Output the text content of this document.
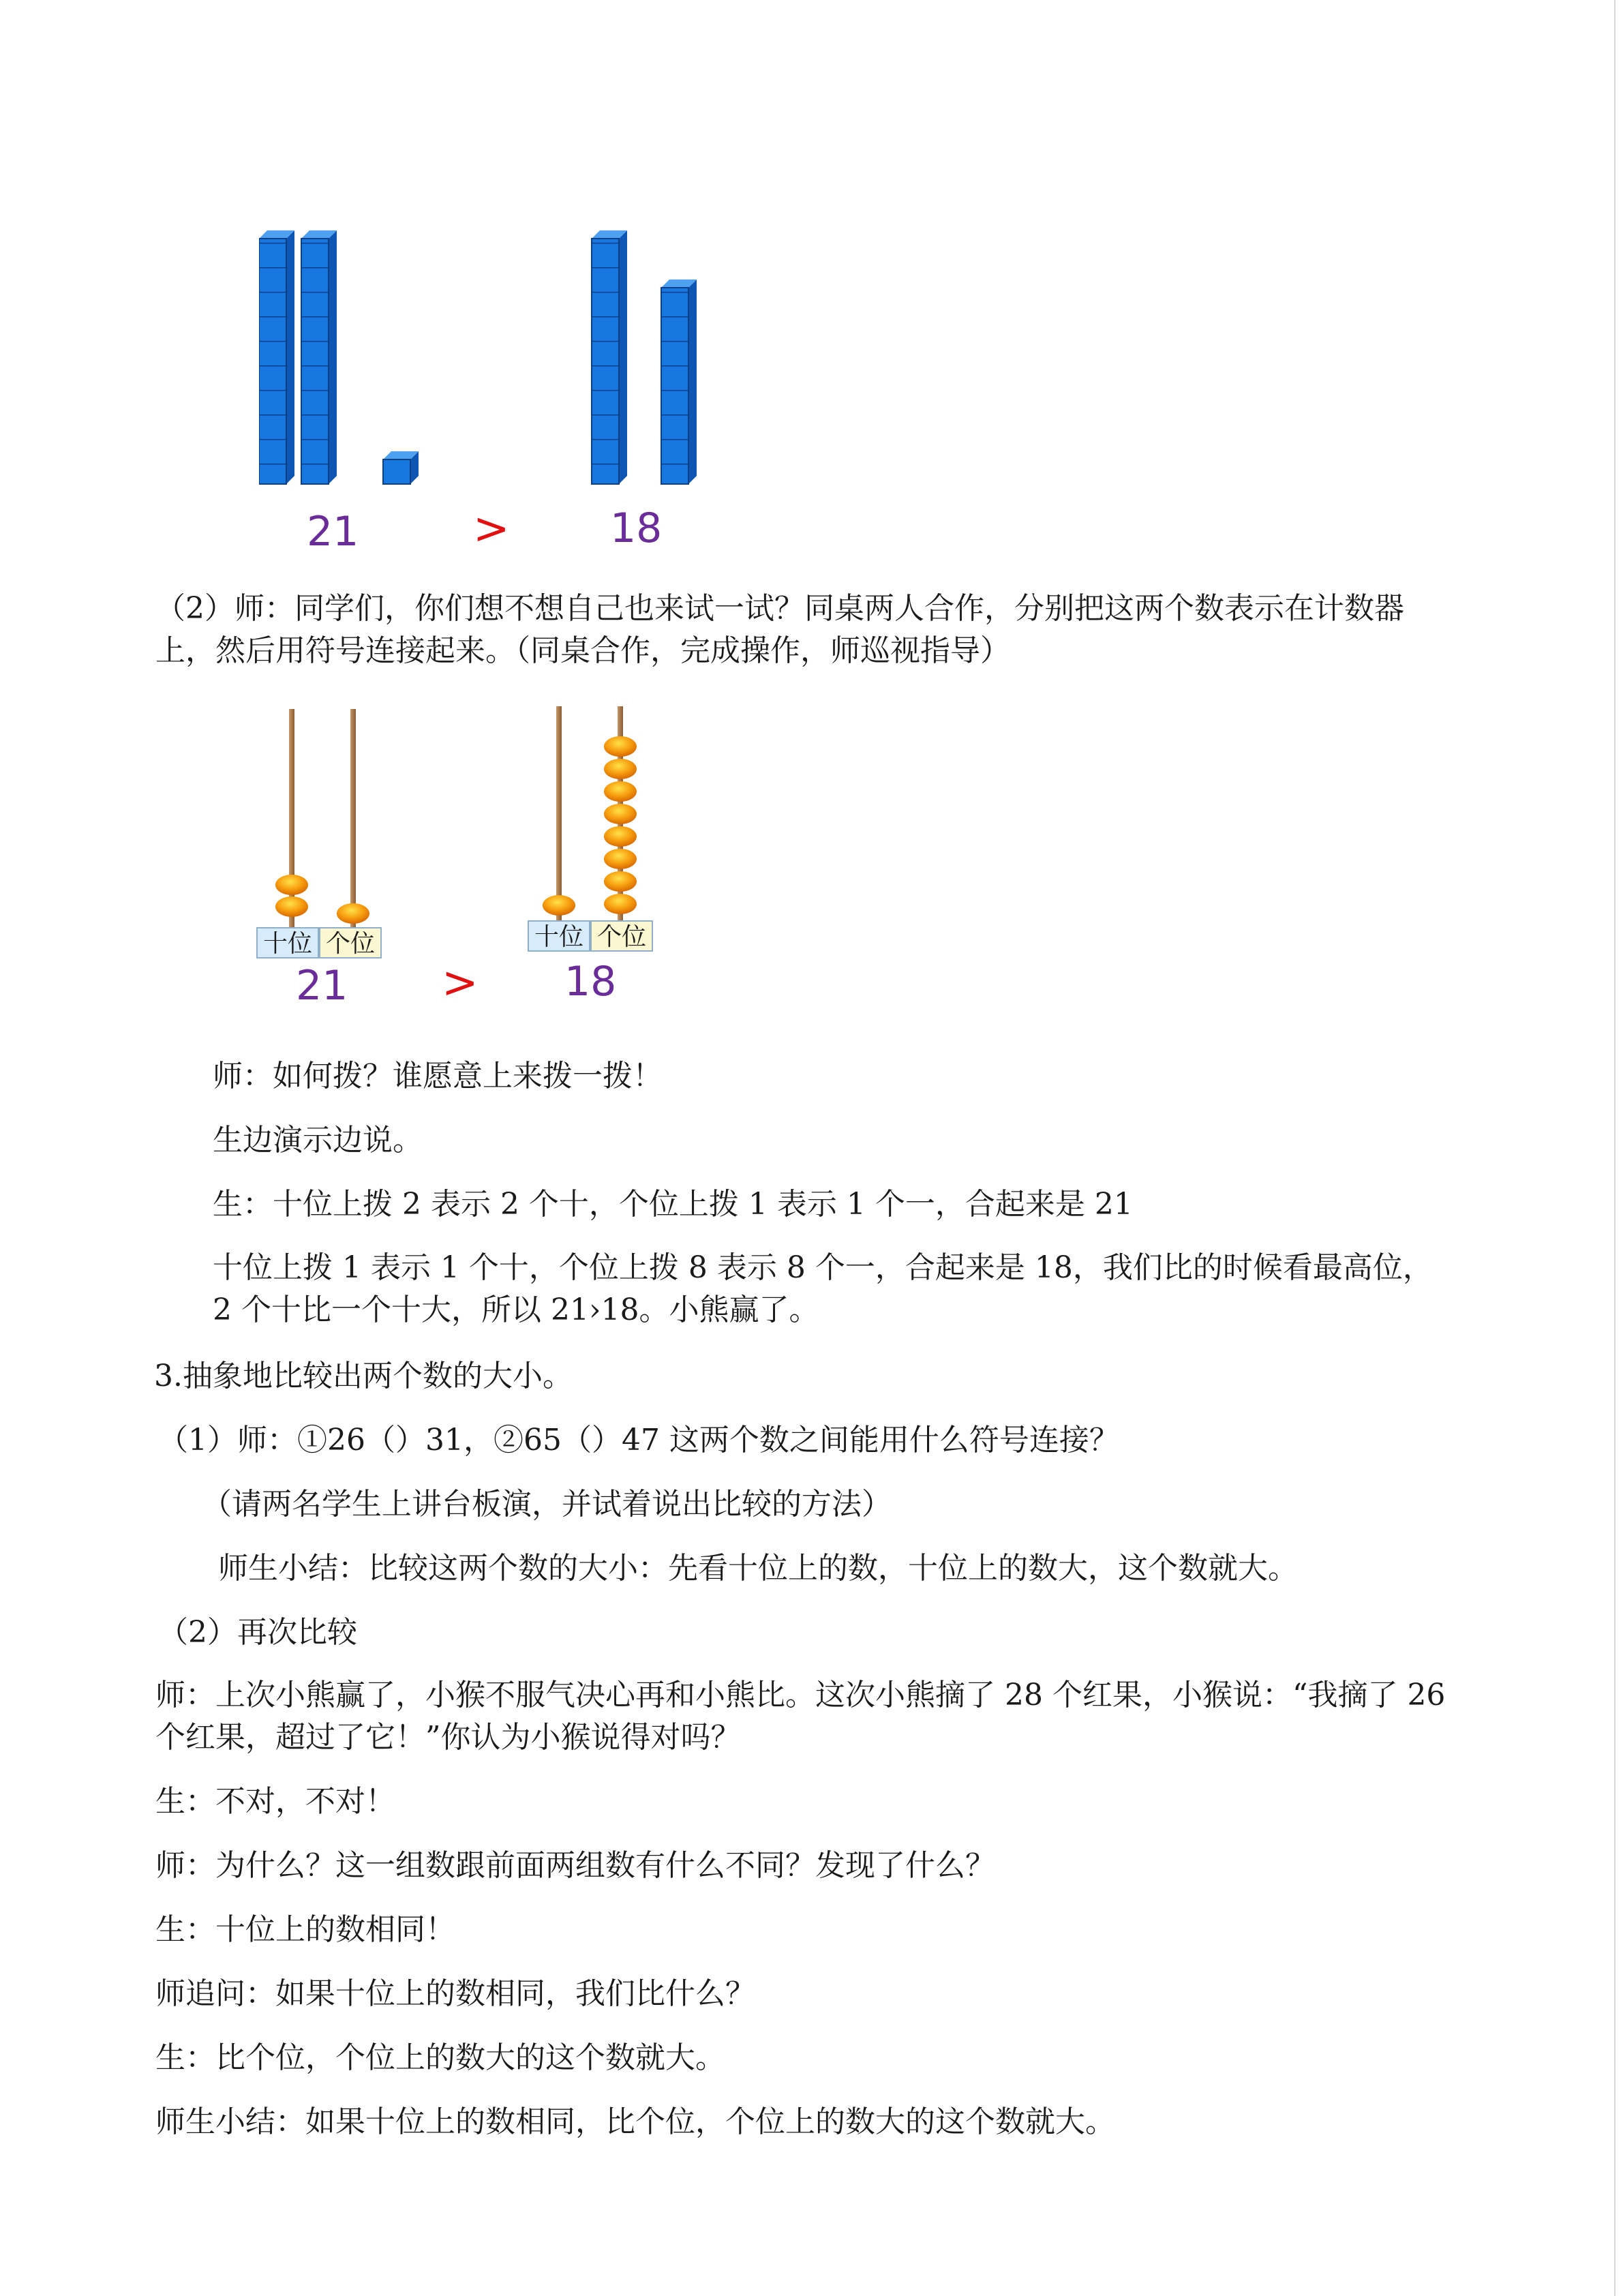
21	> 18

（2）师：同学们，你们想不想自己也来试一试？同桌两人合作，分别把这两个数表示在计数器上，然后用符号连接起来。（同桌合作，完成操作，师巡视指导）

十位 个位
21 >
十位 个位
18

师：如何拨？谁愿意上来拨一拨！

生边演示边说。

生：十位上拨 2 表示 2 个十，个位上拨 1 表示 1 个一，合起来是 21

十位上拨 1 表示 1 个十，个位上拨 8 表示 8 个一，合起来是 18，我们比的时候看最高位，2 个十比一个十大，所以 21›18。小熊赢了。

3.抽象地比较出两个数的大小。

（1）师：①26（）31，②65（）47 这两个数之间能用什么符号连接？

（请两名学生上讲台板演，并试着说出比较的方法）

师生小结：比较这两个数的大小：先看十位上的数，十位上的数大，这个数就大。

（2）再次比较

师：上次小熊赢了，小猴不服气决心再和小熊比。这次小熊摘了 28 个红果，小猴说：“我摘了 26 个红果，超过了它！”你认为小猴说得对吗？

生：不对，不对！

师：为什么？这一组数跟前面两组数有什么不同？发现了什么？

生：十位上的数相同！

师追问：如果十位上的数相同，我们比什么？

生：比个位，个位上的数大的这个数就大。

师生小结：如果十位上的数相同，比个位，个位上的数大的这个数就大。
